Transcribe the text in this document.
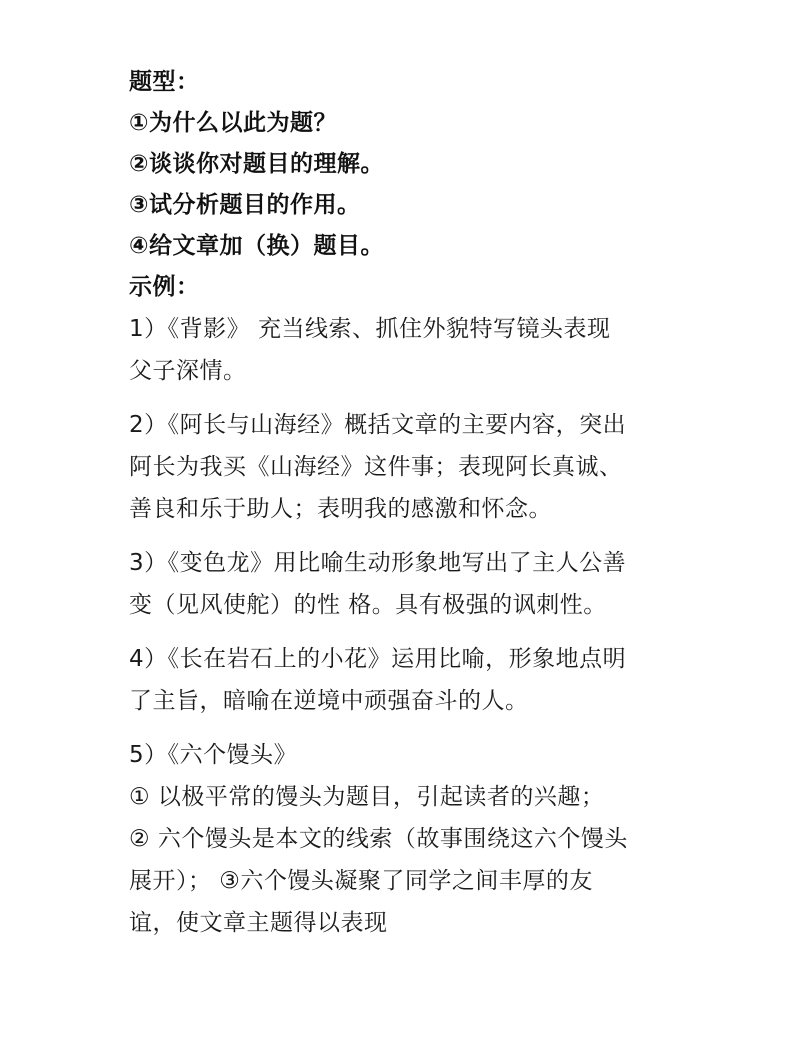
题型：
①为什么以此为题？
②谈谈你对题目的理解。
③试分析题目的作用。
④给文章加（换）题目。
示例：
1）《背影》 充当线索、抓住外貌特写镜头表现
父子深情。
2）《阿长与山海经》概括文章的主要内容，突出
阿长为我买《山海经》这件事；表现阿长真诚、
善良和乐于助人；表明我的感激和怀念。
3）《变色龙》用比喻生动形象地写出了主人公善
变（见风使舵）的性 格。具有极强的讽刺性。
4）《长在岩石上的小花》运用比喻，形象地点明
了主旨，暗喻在逆境中顽强奋斗的人。
5）《六个馒头》
① 以极平常的馒头为题目，引起读者的兴趣；
② 六个馒头是本文的线索（故事围绕这六个馒头
展开）； ③六个馒头凝聚了同学之间丰厚的友
谊，使文章主题得以表现
